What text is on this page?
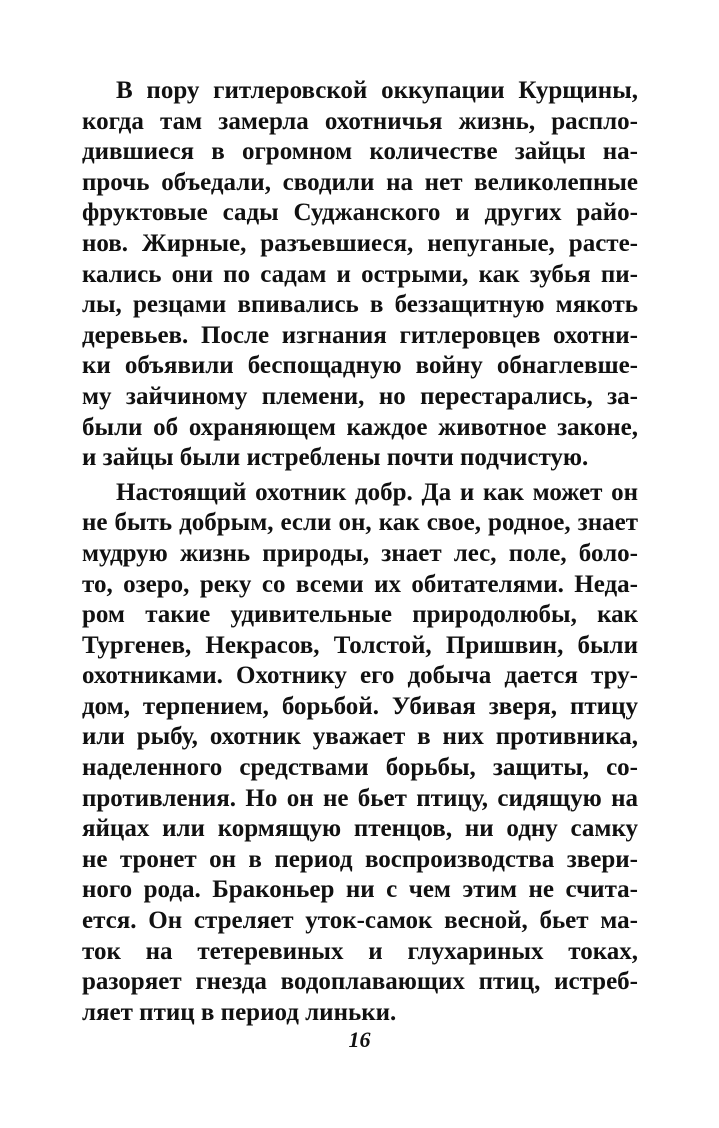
В пору гитлеровской оккупации Курщины,
когда там замерла охотничья жизнь, распло-
дившиеся в огромном количестве зайцы на-
прочь объедали, сводили на нет великолепные
фруктовые сады Суджанского и других райо-
нов. Жирные, разъевшиеся, непуганые, расте-
кались они по садам и острыми, как зубья пи-
лы, резцами впивались в беззащитную мякоть
деревьев. После изгнания гитлеровцев охотни-
ки объявили беспощадную войну обнаглевше-
му зайчиному племени, но перестарались, за-
были об охраняющем каждое животное законе,
и зайцы были истреблены почти подчистую.

Настоящий охотник добр. Да и как может он
не быть добрым, если он, как свое, родное, знает
мудрую жизнь природы, знает лес, поле, боло-
то, озеро, реку со всеми их обитателями. Неда-
ром такие удивительные природолюбы, как
Тургенев, Некрасов, Толстой, Пришвин, были
охотниками. Охотнику его добыча дается тру-
дом, терпением, борьбой. Убивая зверя, птицу
или рыбу, охотник уважает в них противника,
наделенного средствами борьбы, защиты, со-
противления. Но он не бьет птицу, сидящую на
яйцах или кормящую птенцов, ни одну самку
не тронет он в период воспроизводства звери-
ного рода. Браконьер ни с чем этим не счита-
ется. Он стреляет уток-самок весной, бьет ма-
ток на тетеревиных и глухариных токах,
разоряет гнезда водоплавающих птиц, истреб-
ляет птиц в период линьки.

16
